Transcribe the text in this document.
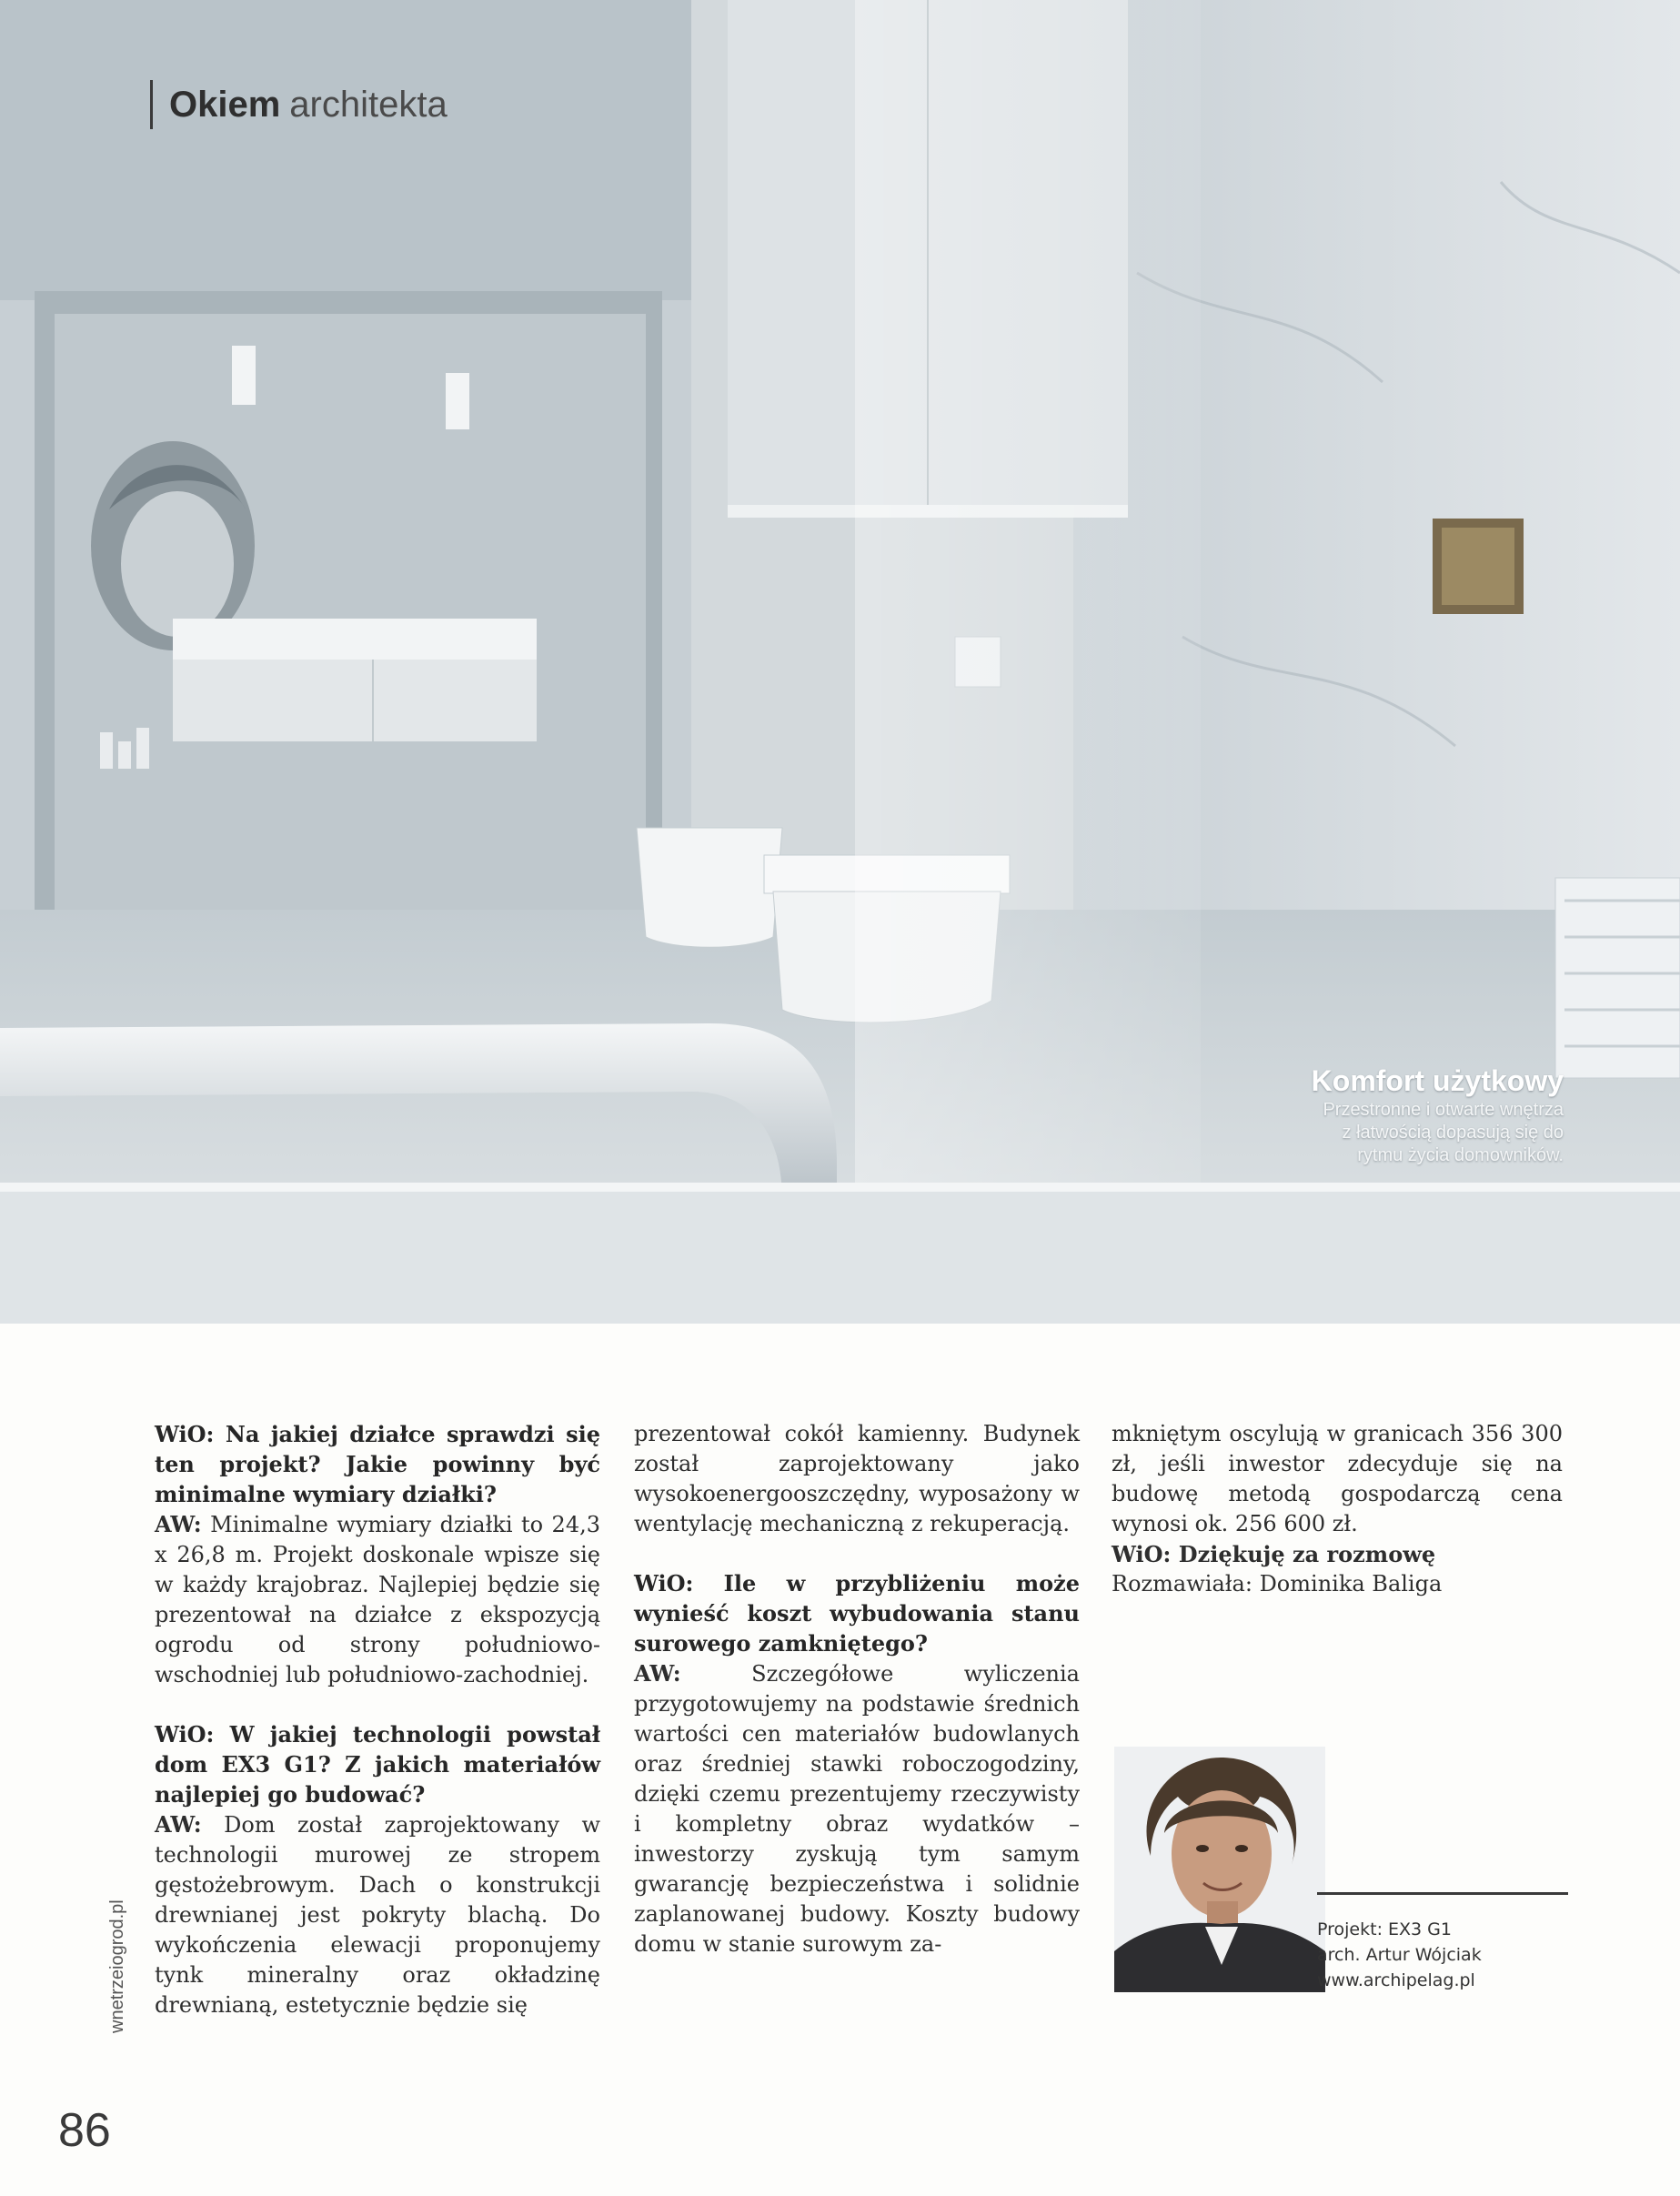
Okiem architekta
Komfort użytkowy
Przestronne i otwarte wnętrza
z łatwością dopasują się do
rytmu życia domowników.

WiO: Na jakiej działce sprawdzi się ten projekt? Jakie powinny być minimalne wymiary działki?

AW: Minimalne wymiary działki to 24,3 x 26,8 m. Projekt doskonale wpisze się w każdy krajobraz. Najlepiej będzie się prezentował na działce z ekspozycją ogrodu od strony południowo-wschodniej lub południowo-zachodniej.

WiO: W jakiej technologii powstał dom EX3 G1? Z jakich materiałów najlepiej go budować?

AW: Dom został zaprojektowany w technologii murowej ze stropem gęstożebrowym. Dach o konstrukcji drewnianej jest pokryty blachą. Do wykończenia elewacji proponujemy tynk mineralny oraz okładzinę drewnianą, estetycznie będzie się

prezentował cokół kamienny. Budynek został zaprojektowany jako wysokoenergooszczędny, wyposażony w wentylację mechaniczną z rekuperacją.

WiO: Ile w przybliżeniu może wynieść koszt wybudowania stanu surowego zamkniętego?

AW:	Szczegółowe wyliczenia przygotowujemy na podstawie średnich wartości cen materiałów budowlanych oraz średniej stawki roboczogodziny, dzięki czemu prezentujemy rzeczywisty i kompletny obraz wydatków – inwestorzy zyskują tym samym gwarancję bezpieczeństwa i solidnie zaplanowanej budowy. Koszty budowy domu w stanie surowym za-

mkniętym oscylują w granicach 356 300 zł, jeśli inwestor zdecyduje się na budowę metodą gospodarczą cena wynosi ok. 256 600 zł.

WiO: Dziękuję za rozmowę

Rozmawiała: Dominika Baliga

Projekt: EX3 G1
arch. Artur Wójciak
www.archipelag.pl
wnetrzeiogrod.pl
86
